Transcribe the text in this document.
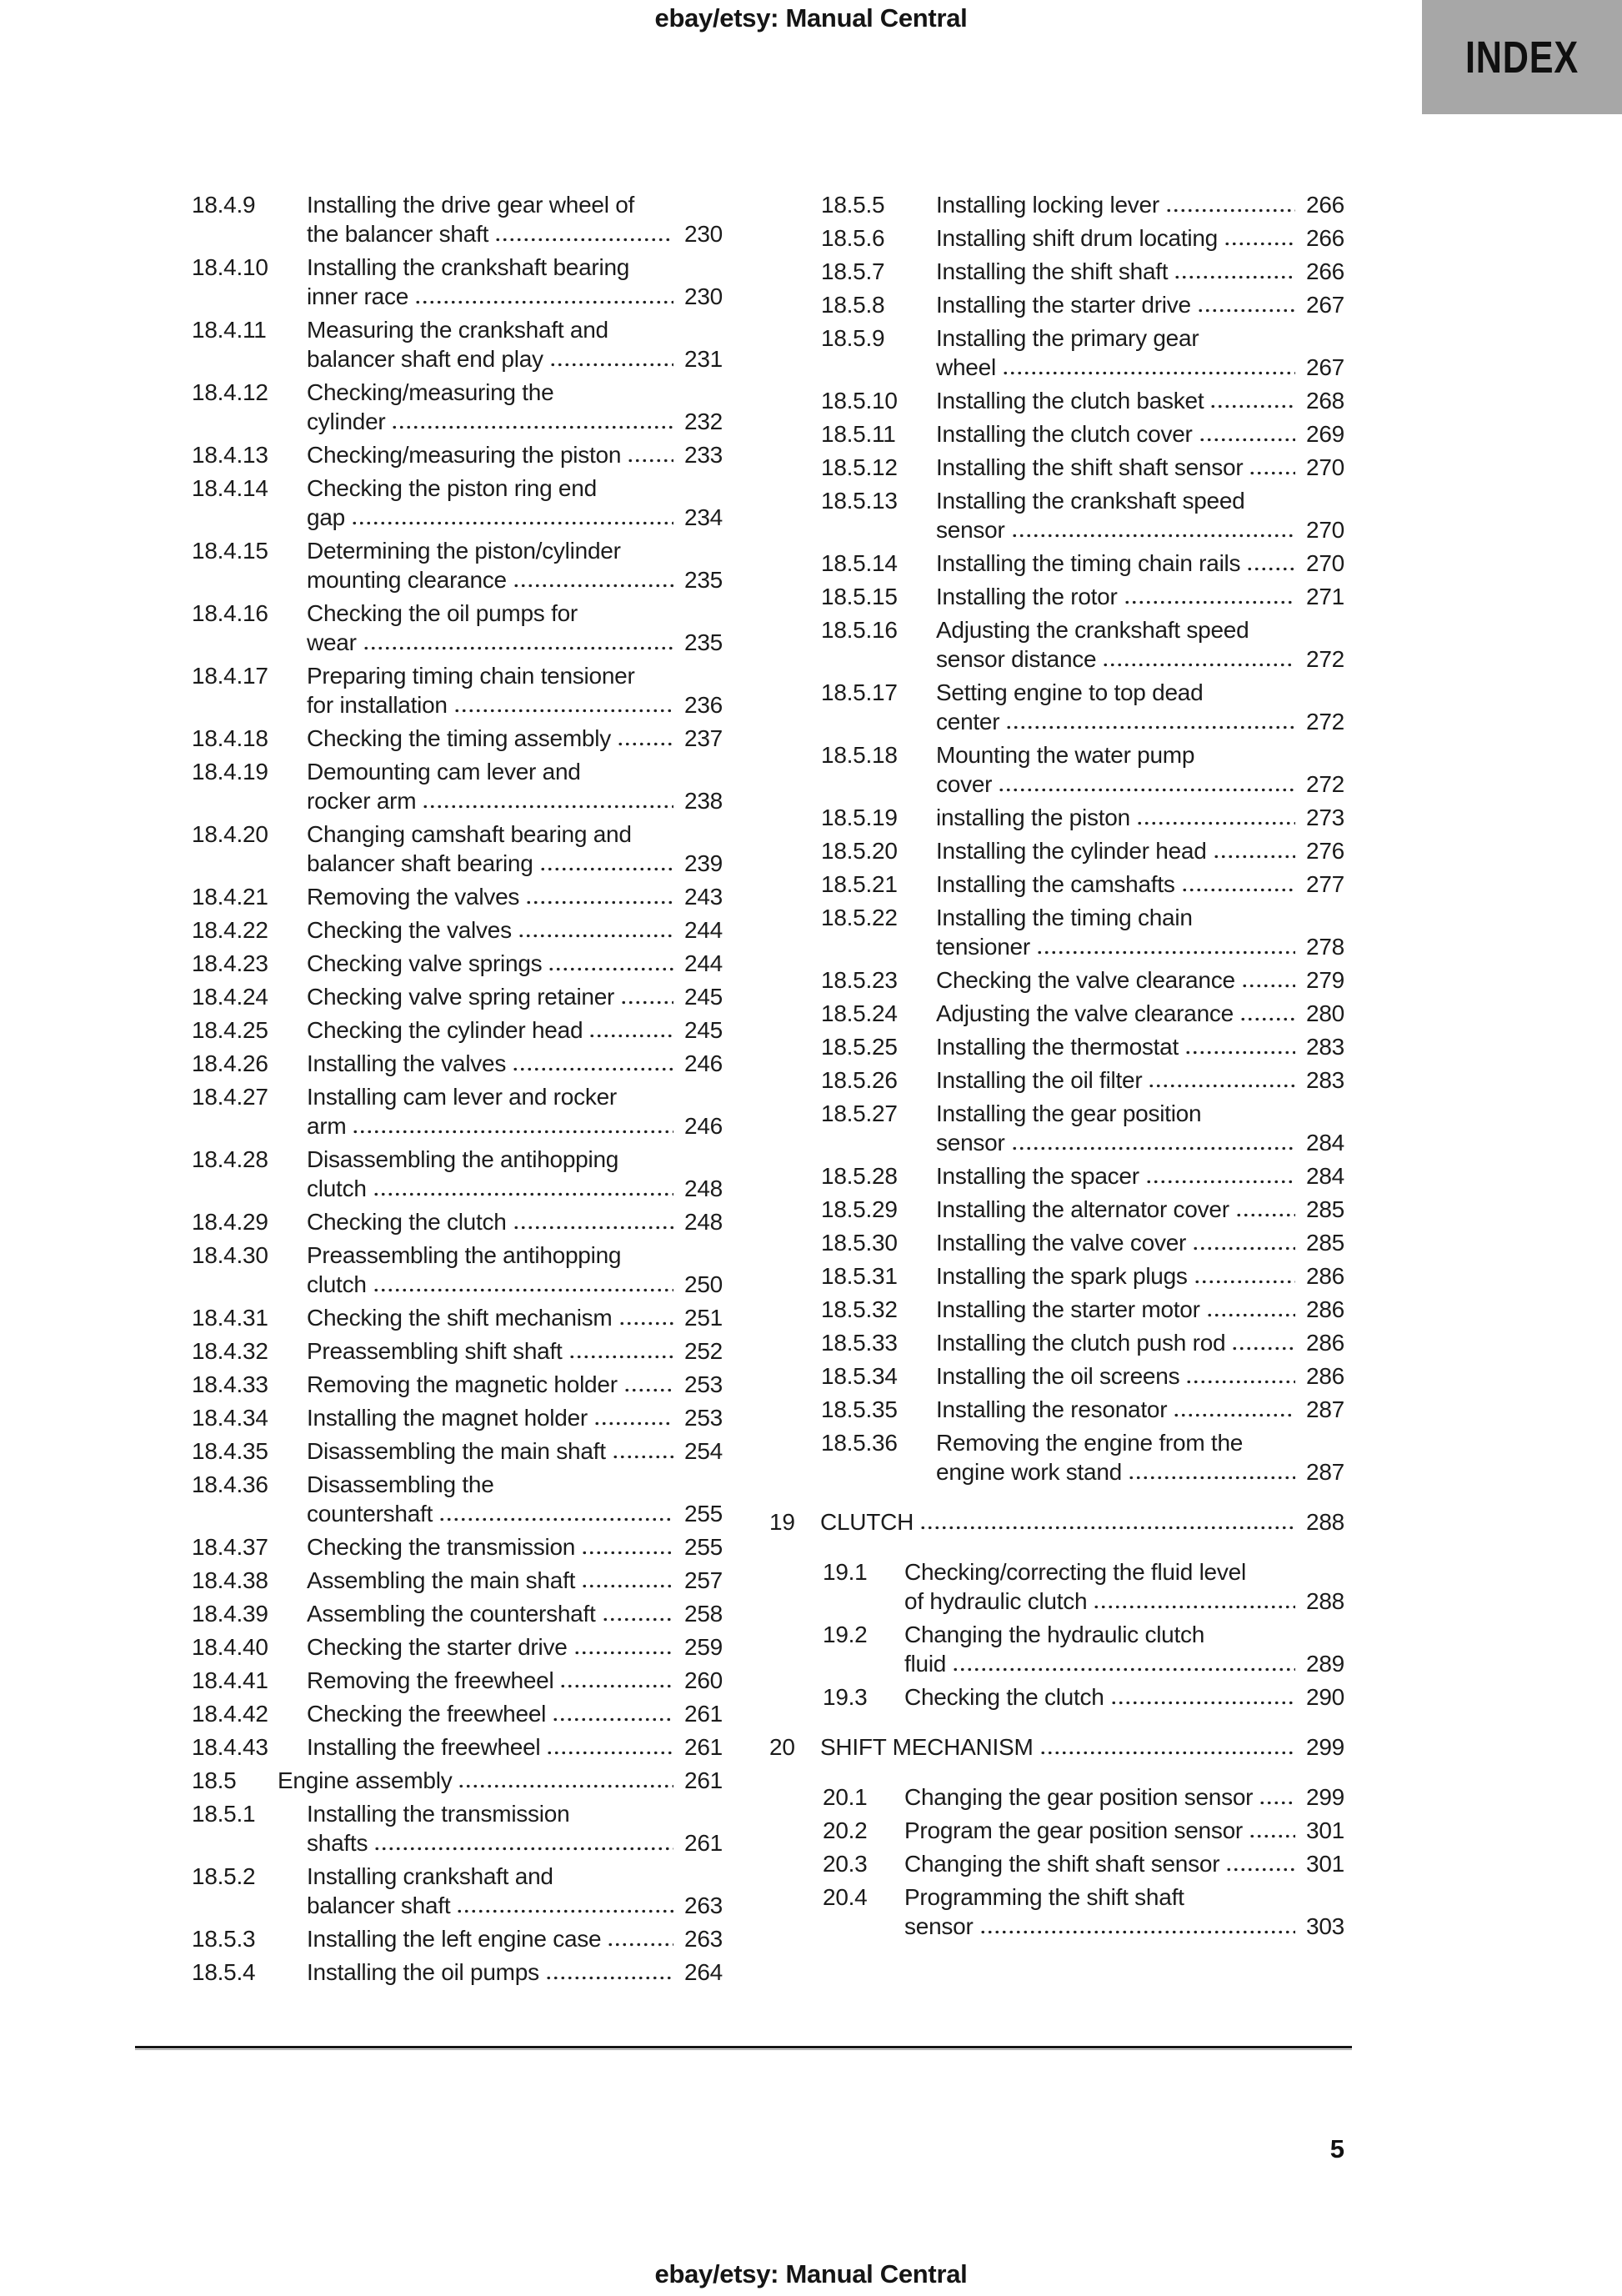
ebay/etsy: Manual Central
INDEX
18.4.9	Installing the drive gear wheel of
the balancer shaft	230
18.4.10	Installing the crankshaft bearing
inner race	230
18.4.11	Measuring the crankshaft and
balancer shaft end play	231
18.4.12	Checking/measuring the
cylinder	232
18.4.13	Checking/measuring the piston	233
18.4.14	Checking the piston ring end
gap	234
18.4.15	Determining the piston/cylinder
mounting clearance	235
18.4.16	Checking the oil pumps for
wear	235
18.4.17	Preparing timing chain tensioner
for installation	236
18.4.18	Checking the timing assembly	237
18.4.19	Demounting cam lever and
rocker arm	238
18.4.20	Changing camshaft bearing and
balancer shaft bearing	239
18.4.21	Removing the valves	243
18.4.22	Checking the valves	244
18.4.23	Checking valve springs	244
18.4.24	Checking valve spring retainer	245
18.4.25	Checking the cylinder head	245
18.4.26	Installing the valves	246
18.4.27	Installing cam lever and rocker
arm	246
18.4.28	Disassembling the antihopping
clutch	248
18.4.29	Checking the clutch	248
18.4.30	Preassembling the antihopping
clutch	250
18.4.31	Checking the shift mechanism	251
18.4.32	Preassembling shift shaft	252
18.4.33	Removing the magnetic holder	253
18.4.34	Installing the magnet holder	253
18.4.35	Disassembling the main shaft	254
18.4.36	Disassembling the
countershaft	255
18.4.37	Checking the transmission	255
18.4.38	Assembling the main shaft	257
18.4.39	Assembling the countershaft	258
18.4.40	Checking the starter drive	259
18.4.41	Removing the freewheel	260
18.4.42	Checking the freewheel	261
18.4.43	Installing the freewheel	261
18.5	Engine assembly	261
18.5.1	Installing the transmission
shafts	261
18.5.2	Installing crankshaft and
balancer shaft	263
18.5.3	Installing the left engine case	263
18.5.4	Installing the oil pumps	264
18.5.5	Installing locking lever	266
18.5.6	Installing shift drum locating	266
18.5.7	Installing the shift shaft	266
18.5.8	Installing the starter drive	267
18.5.9	Installing the primary gear
wheel	267
18.5.10	Installing the clutch basket	268
18.5.11	Installing the clutch cover	269
18.5.12	Installing the shift shaft sensor	270
18.5.13	Installing the crankshaft speed
sensor	270
18.5.14	Installing the timing chain rails	270
18.5.15	Installing the rotor	271
18.5.16	Adjusting the crankshaft speed
sensor distance	272
18.5.17	Setting engine to top dead
center	272
18.5.18	Mounting the water pump
cover	272
18.5.19	installing the piston	273
18.5.20	Installing the cylinder head	276
18.5.21	Installing the camshafts	277
18.5.22	Installing the timing chain
tensioner	278
18.5.23	Checking the valve clearance	279
18.5.24	Adjusting the valve clearance	280
18.5.25	Installing the thermostat	283
18.5.26	Installing the oil filter	283
18.5.27	Installing the gear position
sensor	284
18.5.28	Installing the spacer	284
18.5.29	Installing the alternator cover	285
18.5.30	Installing the valve cover	285
18.5.31	Installing the spark plugs	286
18.5.32	Installing the starter motor	286
18.5.33	Installing the clutch push rod	286
18.5.34	Installing the oil screens	286
18.5.35	Installing the resonator	287
18.5.36	Removing the engine from the
engine work stand	287
19	CLUTCH	288
19.1	Checking/correcting the fluid level
of hydraulic clutch	288
19.2	Changing the hydraulic clutch
fluid	289
19.3	Checking the clutch	290
20	SHIFT MECHANISM	299
20.1	Changing the gear position sensor 299
20.2	Program the gear position sensor	301
20.3	Changing the shift shaft sensor	301
20.4	Programming the shift shaft
sensor	303
5
ebay/etsy: Manual Central
